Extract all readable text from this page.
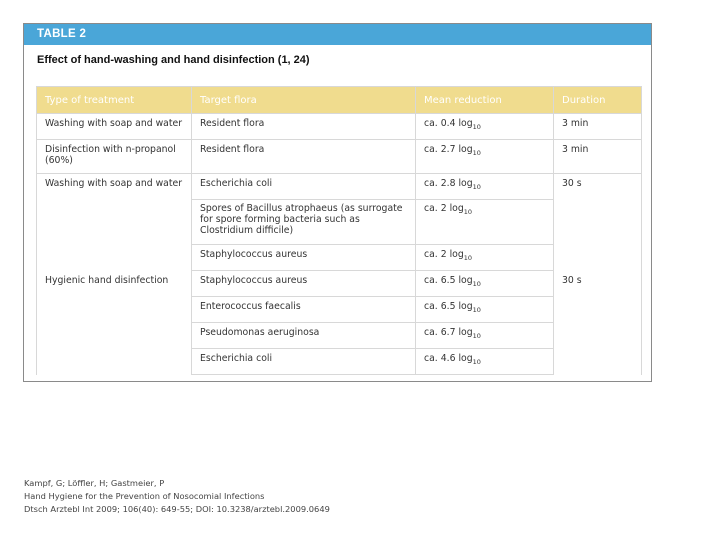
TABLE 2
Effect of hand-washing and hand disinfection (1, 24)
Type of treatment	Target flora	Mean reduction	Duration
Washing with soap and water	Resident flora	ca. 0.4 $\log_{10}$	3 min
Disinfection with n-propanol (60%)	Resident flora	ca. 2.7 $\log_{10}$	3 min
Washing with soap and water	Escherichia coli	ca. 2.8 $\log_{10}$	30 s
	Spores of Bacillus atrophaeus (as surrogate for spore forming bacteria such as Clostridium difficile)	ca. 2 $\log_{10}$	
	Staphylococcus aureus	ca. 2 $\log_{10}$	
Hygienic hand disinfection	Staphylococcus aureus	ca. 6.5 $\log_{10}$	30 s
	Enterococcus faecalis	ca. 6.5 $\log_{10}$	
	Pseudomonas aeruginosa	ca. 6.7 $\log_{10}$	
	Escherichia coli	ca. 4.6 $\log_{10}$	
Kampf, G; Löffler, H; Gastmeier, P
Hand Hygiene for the Prevention of Nosocomial Infections
Dtsch Arztebl Int 2009; 106(40): 649-55; DOI: 10.3238/arztebl.2009.0649
